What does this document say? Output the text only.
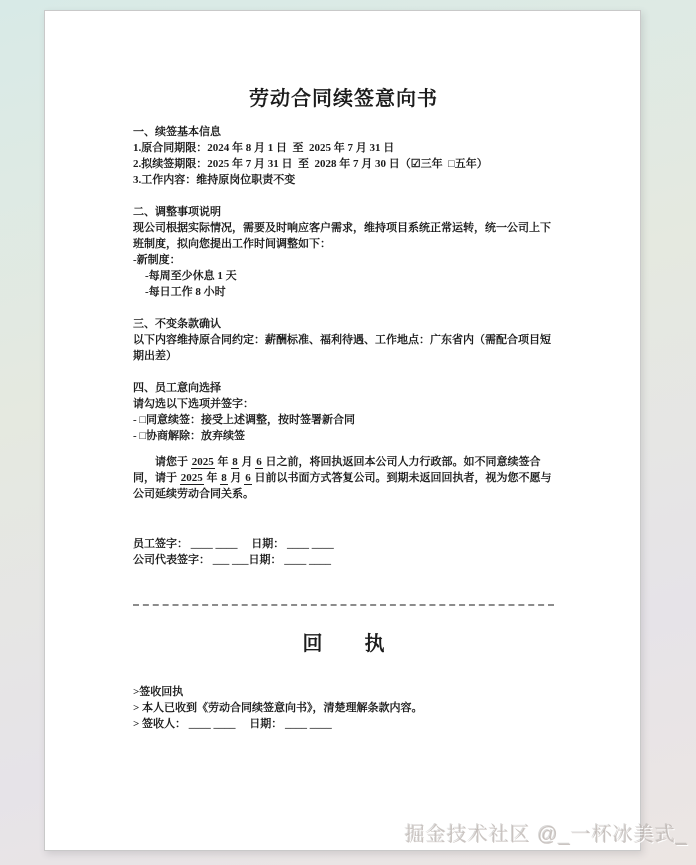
劳动合同续签意向书

一、续签基本信息

1.原合同期限：2024 年 8 月 1 日  至  2025 年 7 月 31 日

2.拟续签期限：2025 年 7 月 31 日  至  2028 年 7 月 30 日（☑三年  □五年）

3.工作内容：维持原岗位职责不变

二、调整事项说明

现公司根据实际情况，需要及时响应客户需求，维持项目系统正常运转，统一公司上下班制度，拟向您提出工作时间调整如下：

-新制度：

-每周至少休息 1 天

-每日工作 8 小时

三、不变条款确认

以下内容维持原合同约定：薪酬标准、福利待遇、工作地点：广东省内（需配合项目短期出差）

四、员工意向选择

请勾选以下选项并签字：

- □同意续签：接受上述调整，按时签署新合同

- □协商解除：放弃续签

请您于 2025 年 8 月 6 日之前，将回执返回本公司人力行政部。如不同意续签合同，请于 2025 年 8 月 6 日前以书面方式答复公司。到期未返回回执者，视为您不愿与公司延续劳动合同关系。

员工签字： ____ ____　 日期： ____ ____

公司代表签字： ___ ___日期： ____ ____

回 执

>签收回执

> 本人已收到《劳动合同续签意向书》，清楚理解条款内容。

> 签收人： ____ ____　 日期： ____ ____

掘金技术社区 @_一杯冰美式_
